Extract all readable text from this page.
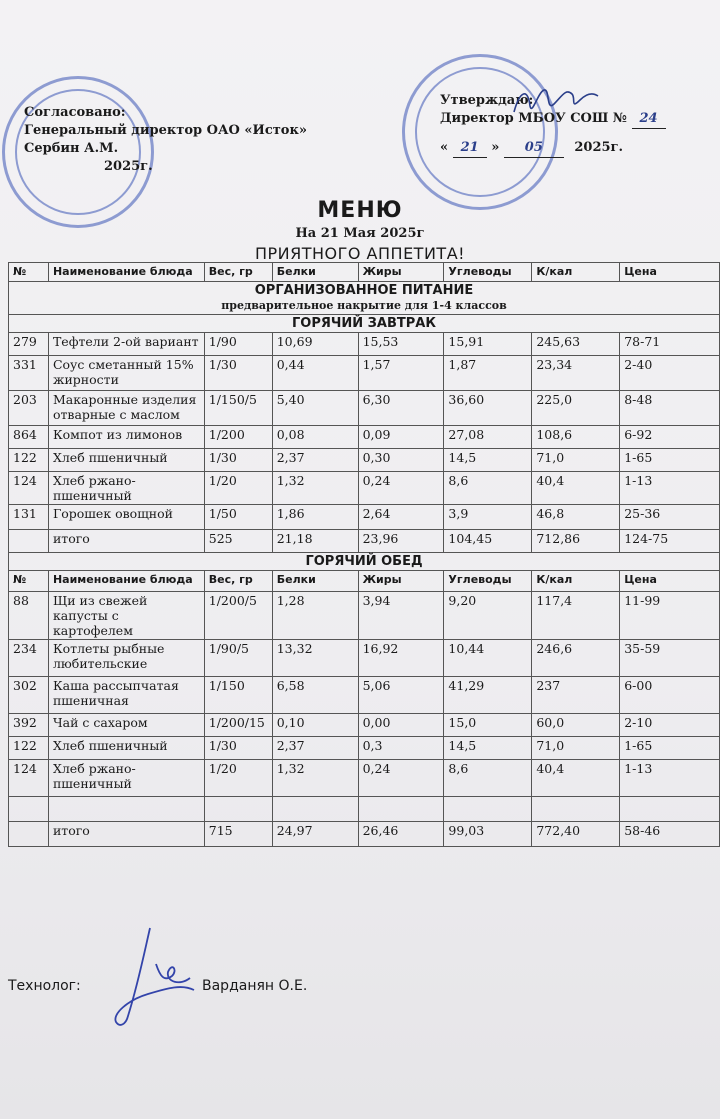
Согласовано:
Генеральный директор ОАО «Исток»
Сербин А.М.
2025г.
Утверждаю:
Директор МБОУ СОШ № 24
« 21 » 05 2025г.
МЕНЮ
На 21 Мая 2025г
ПРИЯТНОГО АППЕТИТА!
№	Наименование блюда	Вес, гр	Белки	Жиры	Углеводы	К/кал	Цена
ОРГАНИЗОВАННОЕ ПИТАНИЕ
предварительное накрытие для 1-4 классов							

ГОРЯЧИЙ ЗАВТРАК							
279	Тефтели 2-ой вариант	1/90	10,69	15,53	15,91	245,63	78-71
331	Соус сметанный 15% жирности	1/30	0,44	1,57	1,87	23,34	2-40
203	Макаронные изделия отварные с маслом	1/150/5	5,40	6,30	36,60	225,0	8-48
864	Компот из лимонов	1/200	0,08	0,09	27,08	108,6	6-92
122	Хлеб пшеничный	1/30	2,37	0,30	14,5	71,0	1-65
124	Хлеб ржано- пшеничный	1/20	1,32	0,24	8,6	40,4	1-13
131	Горошек овощной	1/50	1,86	2,64	3,9	46,8	25-36
	итого	525	21,18	23,96	104,45	712,86	124-75
ГОРЯЧИЙ ОБЕД							
№	Наименование блюда	Вес, гр	Белки	Жиры	Углеводы	К/кал	Цена
88	Щи из свежей капусты с картофелем	1/200/5	1,28	3,94	9,20	117,4	11-99
234	Котлеты рыбные любительские	1/90/5	13,32	16,92	10,44	246,6	35-59
302	Каша рассыпчатая пшеничная	1/150	6,58	5,06	41,29	237	6-00
392	Чай с сахаром	1/200/15	0,10	0,00	15,0	60,0	2-10
122	Хлеб пшеничный	1/30	2,37	0,3	14,5	71,0	1-65
124	Хлеб ржано-пшеничный	1/20	1,32	0,24	8,6	40,4	1-13

	итого	715	24,97	26,46	99,03	772,40	58-46
Технолог:	Варданян О.Е.
